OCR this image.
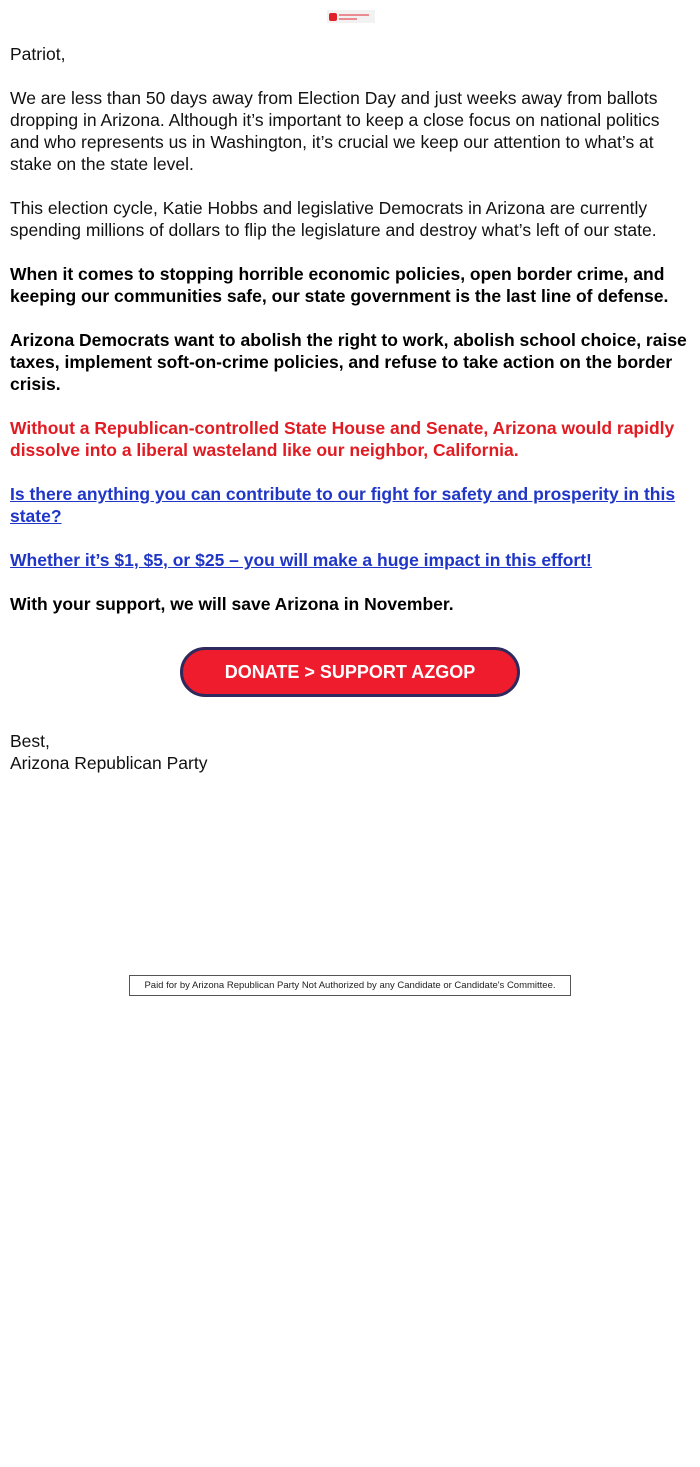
Patriot,

We are less than 50 days away from Election Day and just weeks away from ballots dropping in Arizona. Although it’s important to keep a close focus on national politics and who represents us in Washington, it’s crucial we keep our attention to what’s at stake on the state level.

This election cycle, Katie Hobbs and legislative Democrats in Arizona are currently spending millions of dollars to flip the legislature and destroy what’s left of our state.

When it comes to stopping horrible economic policies, open border crime, and keeping our communities safe, our state government is the last line of defense.

Arizona Democrats want to abolish the right to work, abolish school choice, raise taxes, implement soft-on-crime policies, and refuse to take action on the border crisis.

Without a Republican-controlled State House and Senate, Arizona would rapidly dissolve into a liberal wasteland like our neighbor, California.

Is there anything you can contribute to our fight for safety and prosperity in this state?

Whether it’s $1, $5, or $25 – you will make a huge impact in this effort!

With your support, we will save Arizona in November.

DONATE > SUPPORT AZGOP
Best,
Arizona Republican Party
Paid for by Arizona Republican Party Not Authorized by any Candidate or Candidate's Committee.
